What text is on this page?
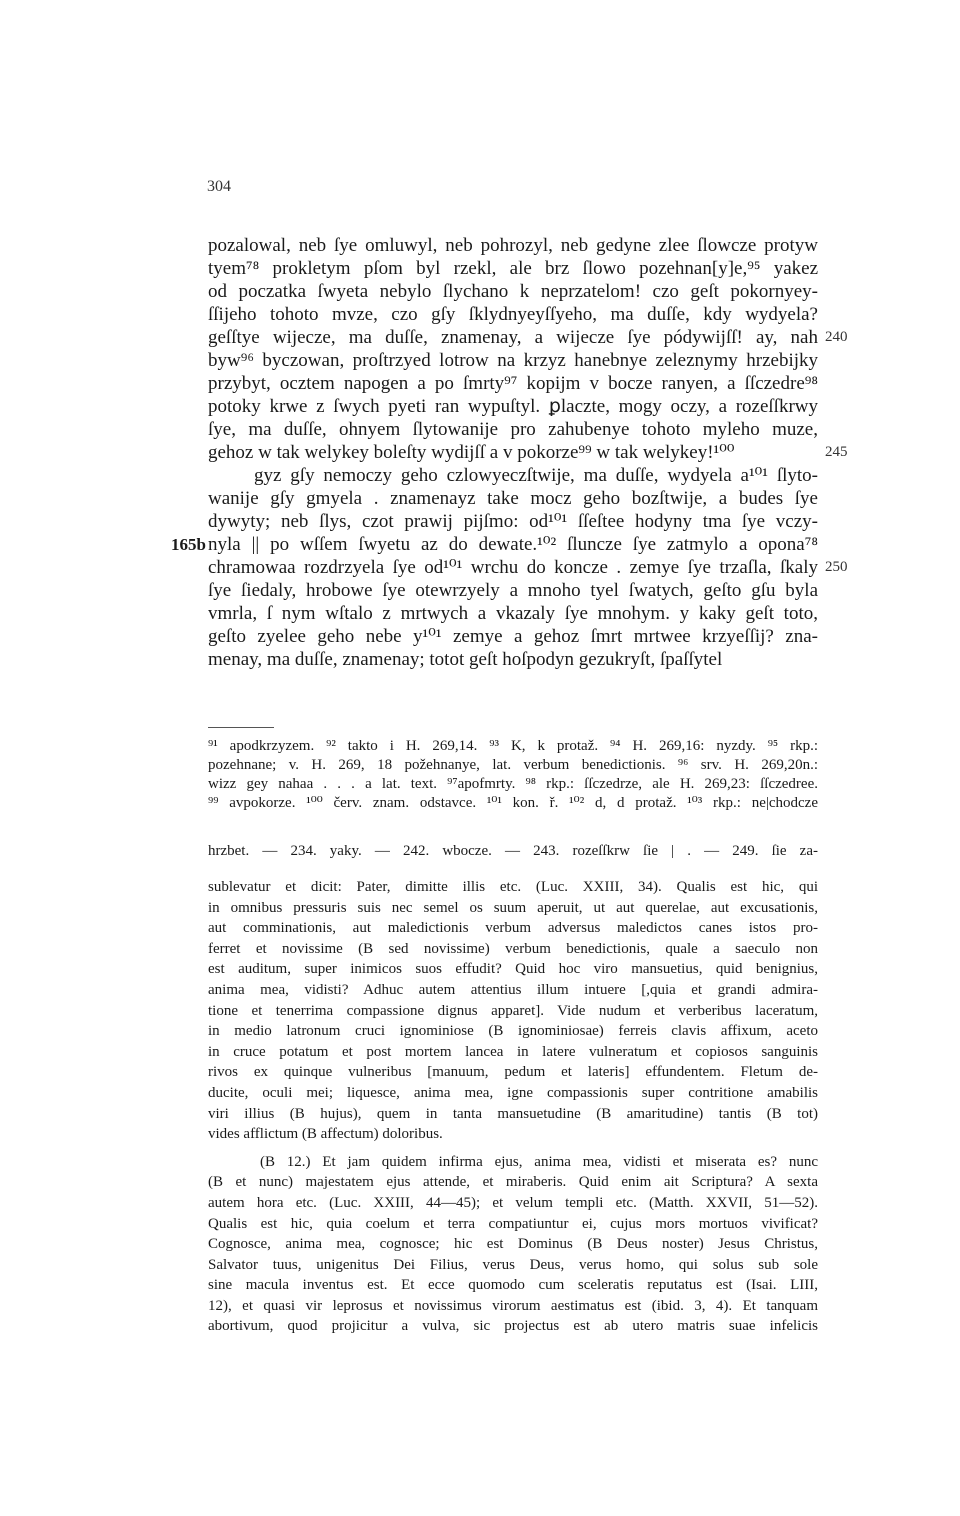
304
pozalowal, neb ſye omluwyl, neb pohrozyl, neb gedyne zlee ſlowcze protyw
tyem⁷⁸ prokletym pſom byl rzekl, ale brz ſlowo pozehnan[y]e,⁹⁵ yakez
od poczatka ſwyeta nebylo ſlychano k neprzatelom! czo geſt pokornyey-
ſſijeho tohoto mvze, czo gſy ſklydnyeyſſyeho, ma duſſe, kdy wydyela?
geſſtye wijecze, ma duſſe, znamenay, a wijecze ſye pódywijſſ! ay, nah 240
byw⁹⁶ byczowan, proſtrzyed lotrow na krzyz hanebnye zeleznymy hrzebijky
przybyt, ocztem napogen a po ſmrty⁹⁷ kopijm v bocze ranyen, a ſſczedre⁹⁸
potoky krwe z ſwych pyeti ran wypuſtyl. ꝑlaczte, mogy oczy, a rozeſſkrwy
ſye, ma duſſe, ohnyem ſlytowanije pro zahubenye tohoto myleho muze,
gehoz w tak welykey boleſty wydijſſ a v pokorze⁹⁹ w tak welykey!¹⁰⁰	245
gyz gſy nemoczy geho czlowyeczſtwije, ma duſſe, wydyela a¹⁰¹ ſlyto-
wanije gſy gmyela . znamenayz take mocz geho bozſtwije, a budes ſye
dywyty; neb ſlys, czot prawij pijſmo: od¹⁰¹ ſſeſtee hodyny tma ſye vczy-
nyla || po wſſem ſwyetu az do dewate.¹⁰² ſluncze ſye zatmylo a opona⁷⁸
165b
chramowaa rozdrzyela ſye od¹⁰¹ wrchu do koncze . zemye ſye trzaſla, ſkaly 250
ſye ſiedaly, hrobowe ſye otewrzyely a mnoho tyel ſwatych, geſto gſu byla
vmrla, ſ nym wſtalo z mrtwych a vkazaly ſye mnohym. y kaky geſt toto,
geſto zyelee geho nebe y¹⁰¹ zemye a gehoz ſmrt mrtwee krzyeſſij? zna-
menay, ma duſſe, znamenay; totot geſt hoſpodyn gezukryſt, ſpaſſytel
⁹¹ apodkrzyzem. ⁹² takto i H. 269,14. ⁹³ K, k protaž. ⁹⁴ H. 269,16: nyzdy. ⁹⁵ rkp.:
pozehnane; v. H. 269, 18 požehnanye, lat. verbum benedictionis. ⁹⁶ srv. H. 269,20n.:
wizz gey nahaa . . . a lat. text. ⁹⁷apofmrty. ⁹⁸ rkp.: ſſczedrze, ale H. 269,23: ſſczedree.
⁹⁹ avpokorze. ¹⁰⁰ červ. znam. odstavce. ¹⁰¹ kon. ř. ¹⁰² d, d protaž. ¹⁰³ rkp.: ne|chodcze
hrzbet. — 234. yaky. — 242. wbocze. — 243. rozeſſkrw ſie | . — 249. ſie za-
sublevatur et dicit: Pater, dimitte illis etc. (Luc. XXIII, 34). Qualis est hic, qui
in omnibus pressuris suis nec semel os suum aperuit, ut aut querelae, aut excusationis,
aut comminationis, aut maledictionis verbum adversus maledictos canes istos pro-
ferret et novissime (B sed novissime) verbum benedictionis, quale a saeculo non
est auditum, super inimicos suos effudit? Quid hoc viro mansuetius, quid benignius,
anima mea, vidisti? Adhuc autem attentius illum intuere [,quia et grandi admira-
tione et tenerrima compassione dignus apparet]. Vide nudum et verberibus laceratum,
in medio latronum cruci ignominiose (B ignominiosae) ferreis clavis affixum, aceto
in cruce potatum et post mortem lancea in latere vulneratum et copiosos sanguinis
rivos ex quinque vulneribus [manuum, pedum et lateris] effundentem. Fletum de-
ducite, oculi mei; liquesce, anima mea, igne compassionis super contritione amabilis
viri illius (B hujus), quem in tanta mansuetudine (B amaritudine) tantis (B tot)
vides afflictum (B affectum) doloribus.
(B 12.) Et jam quidem infirma ejus, anima mea, vidisti et miserata es? nunc
(B et nunc) majestatem ejus attende, et miraberis. Quid enim ait Scriptura? A sexta
autem hora etc. (Luc. XXIII, 44—45); et velum templi etc. (Matth. XXVII, 51—52).
Qualis est hic, quia coelum et terra compatiuntur ei, cujus mors mortuos vivificat?
Cognosce, anima mea, cognosce; hic est Dominus (B Deus noster) Jesus Christus,
Salvator tuus, unigenitus Dei Filius, verus Deus, verus homo, qui solus sub sole
sine macula inventus est. Et ecce quomodo cum sceleratis reputatus est (Isai. LIII,
12), et quasi vir leprosus et novissimus virorum aestimatus est (ibid. 3, 4). Et tanquam
abortivum, quod projicitur a vulva, sic projectus est ab utero matris suae infelicis
